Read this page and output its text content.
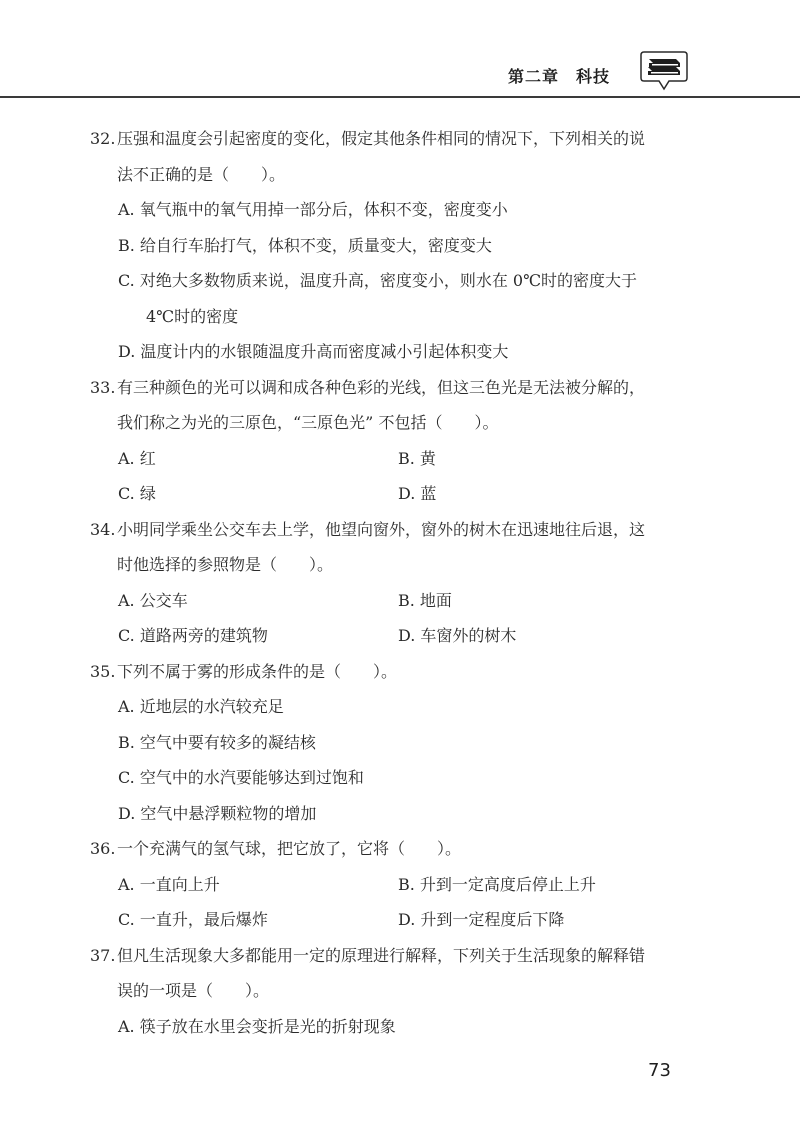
第二章　科技
32. 压强和温度会引起密度的变化，假定其他条件相同的情况下，下列相关的说
法不正确的是（　　）。
A. 氧气瓶中的氧气用掉一部分后，体积不变，密度变小
B. 给自行车胎打气，体积不变，质量变大，密度变大
C. 对绝大多数物质来说，温度升高，密度变小，则水在 0℃时的密度大于
4℃时的密度
D. 温度计内的水银随温度升高而密度减小引起体积变大
33. 有三种颜色的光可以调和成各种色彩的光线，但这三色光是无法被分解的，
我们称之为光的三原色，“三原色光” 不包括（　　）。
A. 红	B. 黄
C. 绿	D. 蓝
34. 小明同学乘坐公交车去上学，他望向窗外，窗外的树木在迅速地往后退，这
时他选择的参照物是（　　）。
A. 公交车	B. 地面
C. 道路两旁的建筑物	D. 车窗外的树木
35. 下列不属于雾的形成条件的是（　　）。
A. 近地层的水汽较充足
B. 空气中要有较多的凝结核
C. 空气中的水汽要能够达到过饱和
D. 空气中悬浮颗粒物的增加
36. 一个充满气的氢气球，把它放了，它将（　　）。
A. 一直向上升	B. 升到一定高度后停止上升
C. 一直升，最后爆炸	D. 升到一定程度后下降
37. 但凡生活现象大多都能用一定的原理进行解释，下列关于生活现象的解释错
误的一项是（　　）。
A. 筷子放在水里会变折是光的折射现象
73
